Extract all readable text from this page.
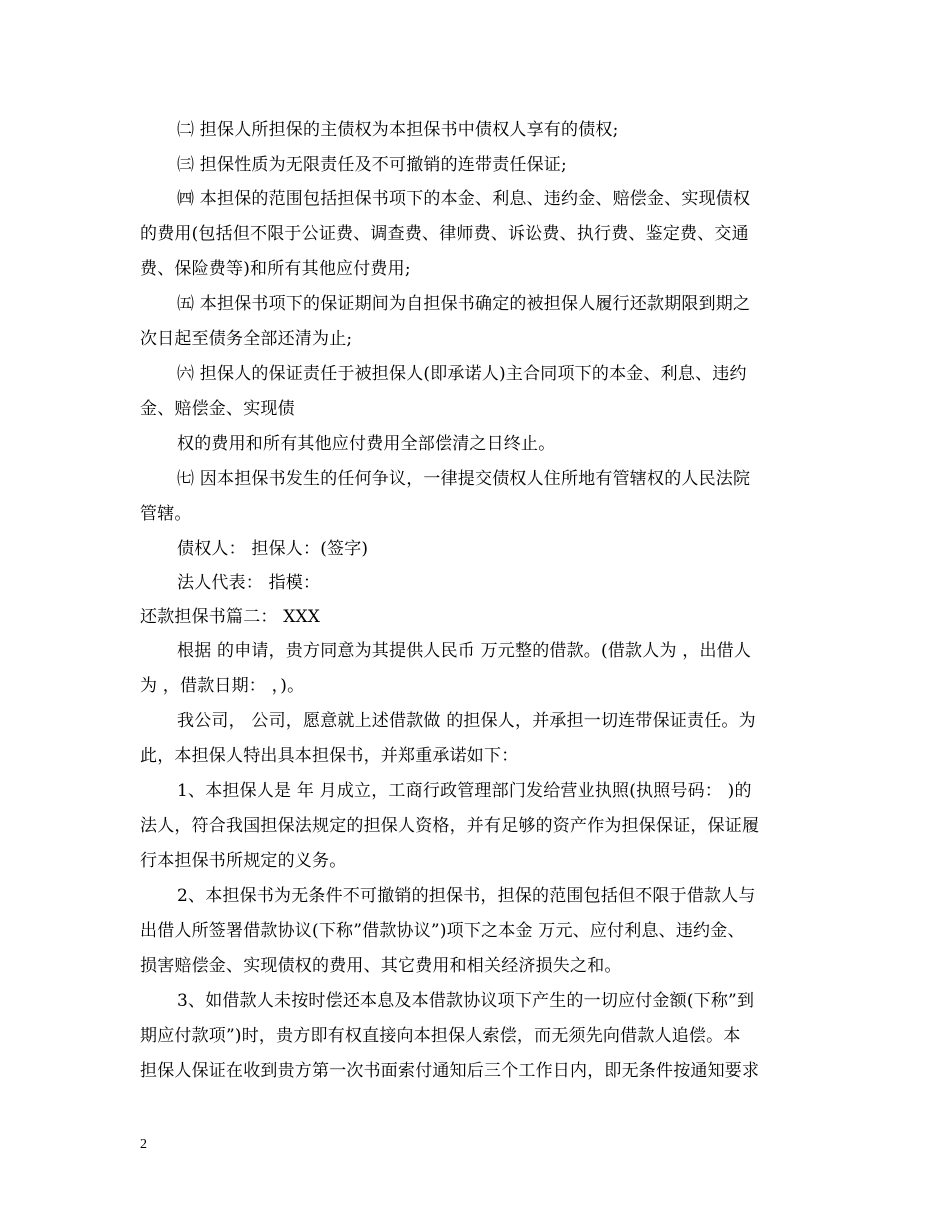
㈡ 担保人所担保的主债权为本担保书中债权人享有的债权;
㈢ 担保性质为无限责任及不可撤销的连带责任保证;
㈣ 本担保的范围包括担保书项下的本金、利息、违约金、赔偿金、实现债权
的费用(包括但不限于公证费、调查费、律师费、诉讼费、执行费、鉴定费、交通
费、保险费等)和所有其他应付费用;
㈤ 本担保书项下的保证期间为自担保书确定的被担保人履行还款期限到期之
次日起至债务全部还清为止;
㈥ 担保人的保证责任于被担保人(即承诺人)主合同项下的本金、利息、违约
金、赔偿金、实现债
权的费用和所有其他应付费用全部偿清之日终止。
㈦ 因本担保书发生的任何争议，一律提交债权人住所地有管辖权的人民法院
管辖。
债权人： 担保人：(签字)
法人代表： 指模：
还款担保书篇二： XXX
根据 的申请，贵方同意为其提供人民币 万元整的借款。(借款人为 ，出借人
为 ，借款日期： ，)。
我公司， 公司，愿意就上述借款做 的担保人，并承担一切连带保证责任。为
此，本担保人特出具本担保书，并郑重承诺如下：
1、本担保人是 年 月成立，工商行政管理部门发给营业执照(执照号码： )的
法人，符合我国担保法规定的担保人资格，并有足够的资产作为担保保证，保证履
行本担保书所规定的义务。
2、本担保书为无条件不可撤销的担保书，担保的范围包括但不限于借款人与
出借人所签署借款协议(下称”借款协议”)项下之本金 万元、应付利息、违约金、
损害赔偿金、实现债权的费用、其它费用和相关经济损失之和。
3、如借款人未按时偿还本息及本借款协议项下产生的一切应付金额(下称”到
期应付款项”)时，贵方即有权直接向本担保人索偿，而无须先向借款人追偿。本
担保人保证在收到贵方第一次书面索付通知后三个工作日内，即无条件按通知要求
2
